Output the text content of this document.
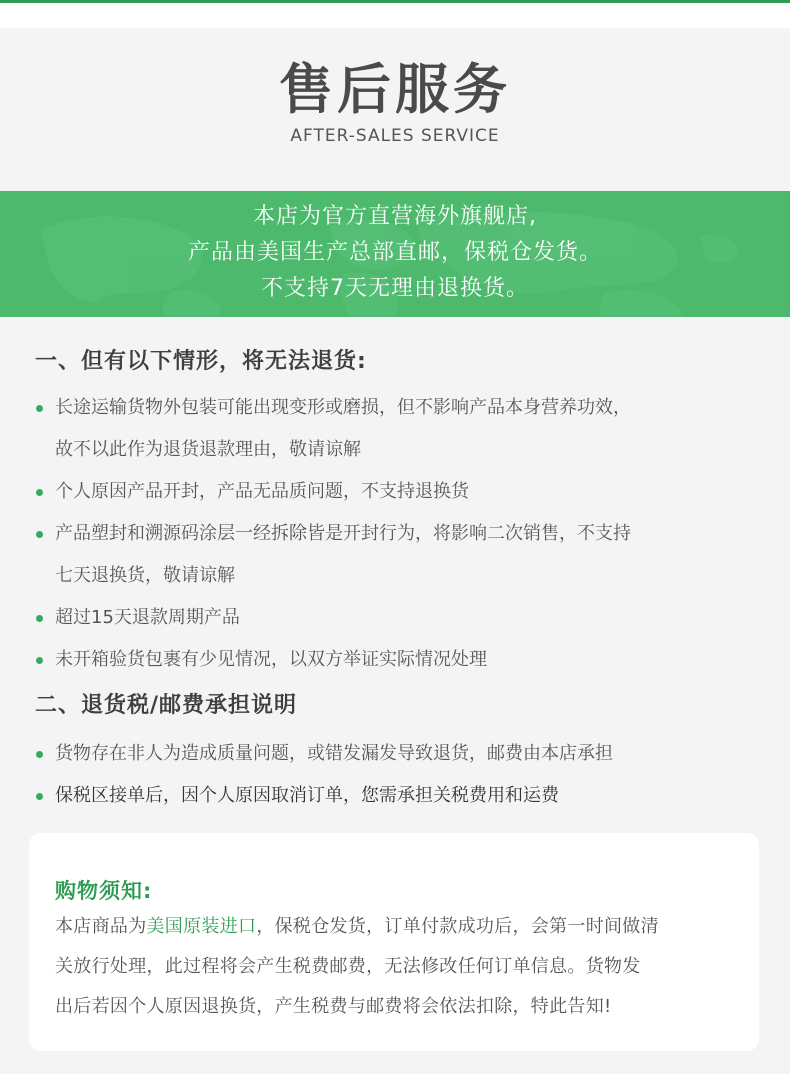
售后服务
AFTER-SALES SERVICE
本店为官方直营海外旗舰店,
产品由美国生产总部直邮，保税仓发货。
不支持7天无理由退换货。
一、但有以下情形，将无法退货:
长途运输货物外包装可能出现变形或磨损，但不影响产品本身营养功效，
故不以此作为退货退款理由，敬请谅解
个人原因产品开封，产品无品质问题，不支持退换货
产品塑封和溯源码涂层一经拆除皆是开封行为，将影响二次销售，不支持
七天退换货，敬请谅解
超过15天退款周期产品
未开箱验货包裹有少见情况，以双方举证实际情况处理
二、退货税/邮费承担说明
货物存在非人为造成质量问题，或错发漏发导致退货，邮费由本店承担
保税区接单后，因个人原因取消订单，您需承担关税费用和运费
购物须知:
本店商品为美国原装进口，保税仓发货，订单付款成功后，会第一时间做清
关放行处理，此过程将会产生税费邮费，无法修改任何订单信息。货物发
出后若因个人原因退换货，产生税费与邮费将会依法扣除，特此告知!
